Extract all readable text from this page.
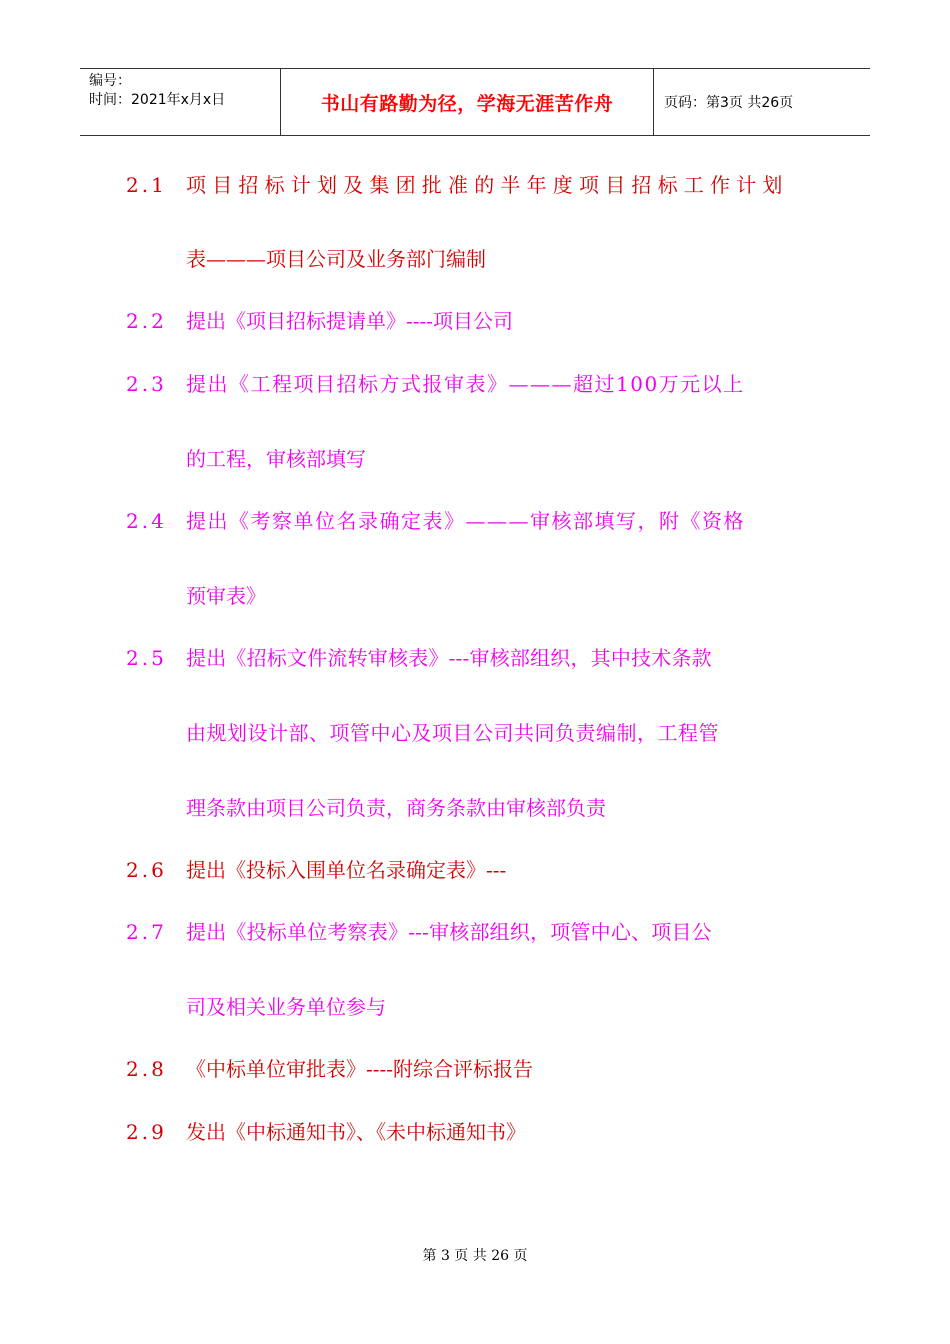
编号：
时间：2021年x月x日	书山有路勤为径，学海无涯苦作舟	页码：第3页 共26页
2.1 项目招标计划及集团批准的半年度项目招标工作计划
表———项目公司及业务部门编制
2.2 提出《项目招标提请单》----项目公司
2.3 提出《工程项目招标方式报审表》———超过100万元以上
的工程，审核部填写
2.4 提出《考察单位名录确定表》———审核部填写，附《资格
预审表》
2.5 提出《招标文件流转审核表》---审核部组织，其中技术条款
由规划设计部、项管中心及项目公司共同负责编制，工程管
理条款由项目公司负责，商务条款由审核部负责
2.6 提出《投标入围单位名录确定表》---
2.7 提出《投标单位考察表》---审核部组织，项管中心、项目公
司及相关业务单位参与
2.8 《中标单位审批表》----附综合评标报告
2.9 发出《中标通知书》、《未中标通知书》
第 3 页 共 26 页
